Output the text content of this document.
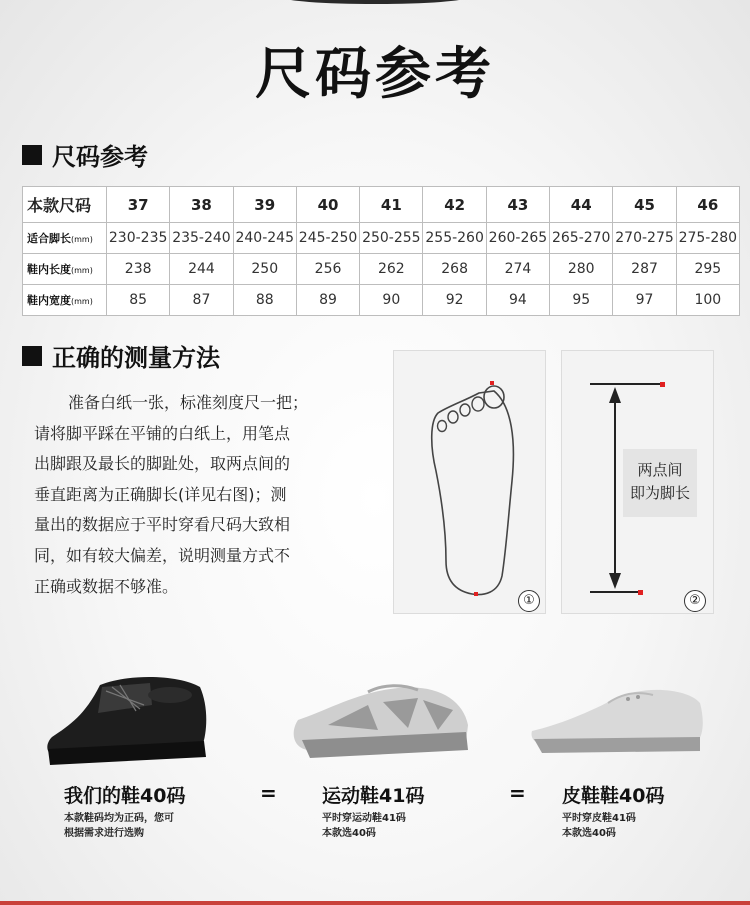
尺码参考
尺码参考
本款尺码	37	38	39	40	41	42	43	44	45	46
适合脚长(mm)	230-235	235-240	240-245	245-250	250-255	255-260	260-265	265-270	270-275	275-280
鞋内长度(mm)	238	244	250	256	262	268	274	280	287	295
鞋内宽度(mm)	85	87	88	89	90	92	94	95	97	100
正确的测量方法
准备白纸一张，标准刻度尺一把；
请将脚平踩在平铺的白纸上，用笔点
出脚跟及最长的脚趾处，取两点间的
垂直距离为正确脚长(详见右图)；测
量出的数据应于平时穿看尺码大致相
同，如有较大偏差，说明测量方式不
正确或数据不够准。
①	②
两点间
即为脚长
我们的鞋40码	= 运动鞋41码	= 皮鞋鞋40码
本款鞋码均为正码，您可
根据需求进行选购
平时穿运动鞋41码
本款选40码
平时穿皮鞋41码
本款选40码
